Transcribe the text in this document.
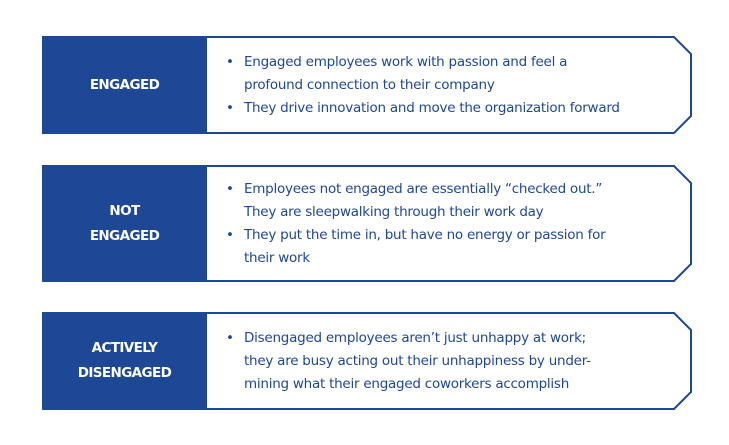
ENGAGED
• Engaged employees work with passion and feel a
profound connection to their company
• They drive innovation and move the organization forward
NOT
ENGAGED
• Employees not engaged are essentially “checked out.”
They are sleepwalking through their work day
• They put the time in, but have no energy or passion for
their work
ACTIVELY
DISENGAGED
• Disengaged employees aren’t just unhappy at work;
they are busy acting out their unhappiness by under-
mining what their engaged coworkers accomplish
